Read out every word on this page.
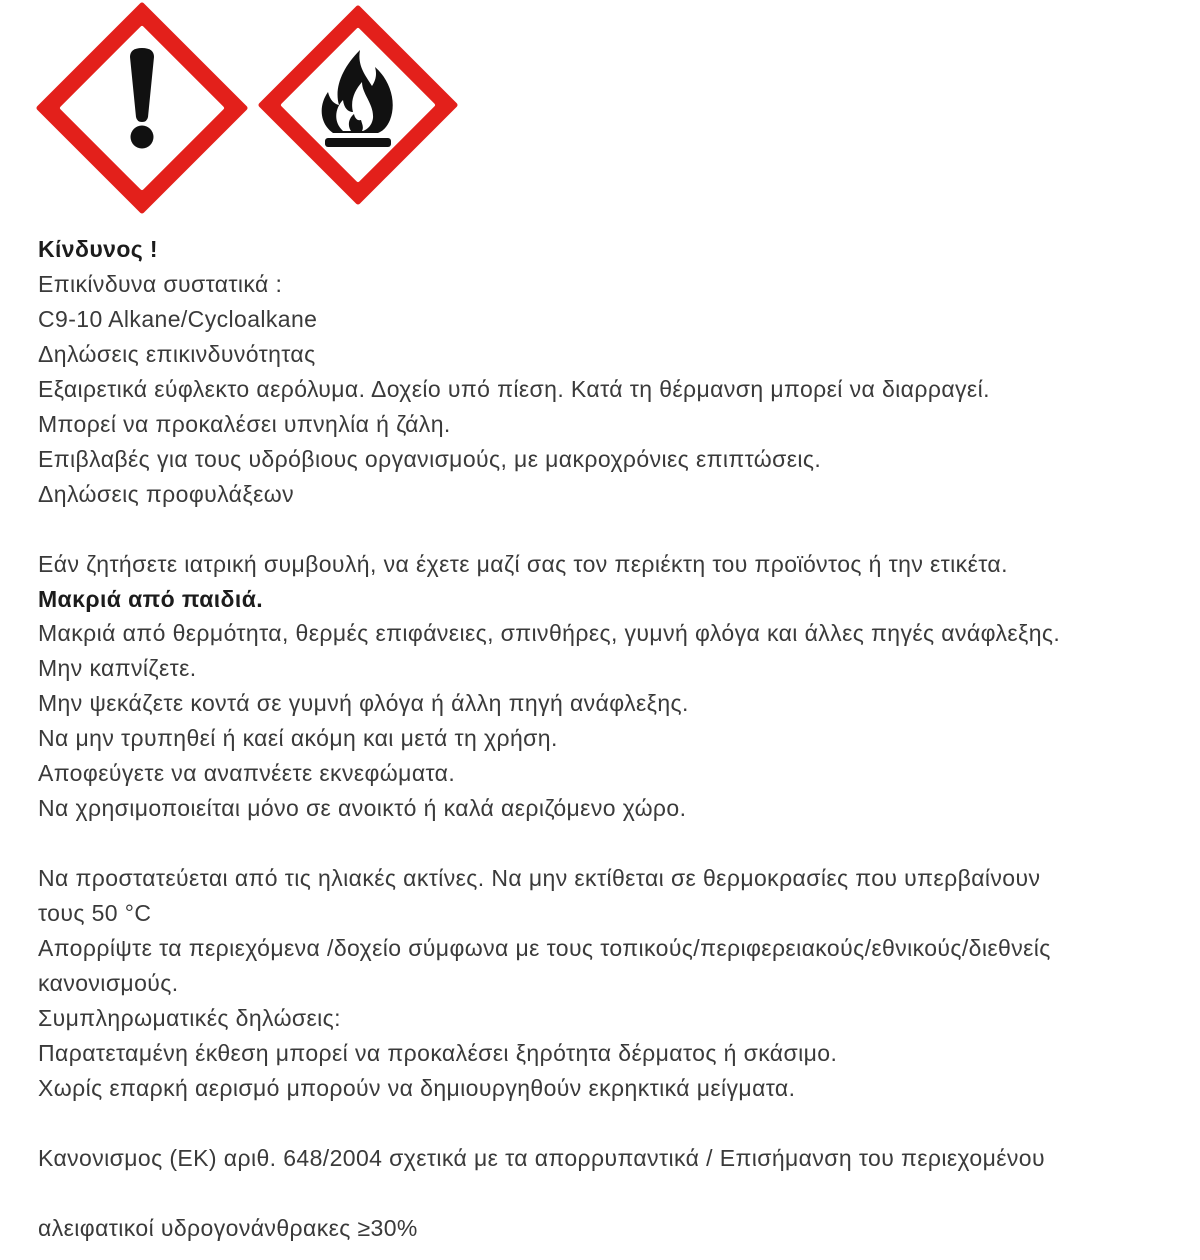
Κίνδυνος !
Επικίνδυνα συστατικά :
C9-10 Alkane/Cycloalkane
Δηλώσεις επικινδυνότητας
Εξαιρετικά εύφλεκτο αερόλυμα. Δοχείο υπό πίεση. Κατά τη θέρμανση μπορεί να διαρραγεί.
Μπορεί να προκαλέσει υπνηλία ή ζάλη.
Επιβλαβές για τους υδρόβιους οργανισμούς, με μακροχρόνιες επιπτώσεις.
Δηλώσεις προφυλάξεων
Εάν ζητήσετε ιατρική συμβουλή, να έχετε μαζί σας τον περιέκτη του προϊόντος ή την ετικέτα.
Μακριά από παιδιά.
Μακριά από θερμότητα, θερμές επιφάνειες, σπινθήρες, γυμνή φλόγα και άλλες πηγές ανάφλεξης.
Μην καπνίζετε.
Μην ψεκάζετε κοντά σε γυμνή φλόγα ή άλλη πηγή ανάφλεξης.
Να μην τρυπηθεί ή καεί ακόμη και μετά τη χρήση.
Αποφεύγετε να αναπνέετε εκνεφώματα.
Να χρησιμοποιείται μόνο σε ανοικτό ή καλά αεριζόμενο χώρο.
Να προστατεύεται από τις ηλιακές ακτίνες. Να μην εκτίθεται σε θερμοκρασίες που υπερβαίνουν
τους 50 °C
Απορρίψτε τα περιεχόμενα /δοχείο σύμφωνα με τους τοπικούς/περιφερειακούς/εθνικούς/διεθνείς
κανονισμούς.
Συμπληρωματικές δηλώσεις:
Παρατεταμένη έκθεση μπορεί να προκαλέσει ξηρότητα δέρματος ή σκάσιμο.
Χωρίς επαρκή αερισμό μπορούν να δημιουργηθούν εκρηκτικά μείγματα.
Κανονισμος (ΕΚ) αριθ. 648/2004 σχετικά με τα απορρυπαντικά / Επισήμανση του περιεχομένου
αλειφατικοί υδρογονάνθρακες ≥30%
